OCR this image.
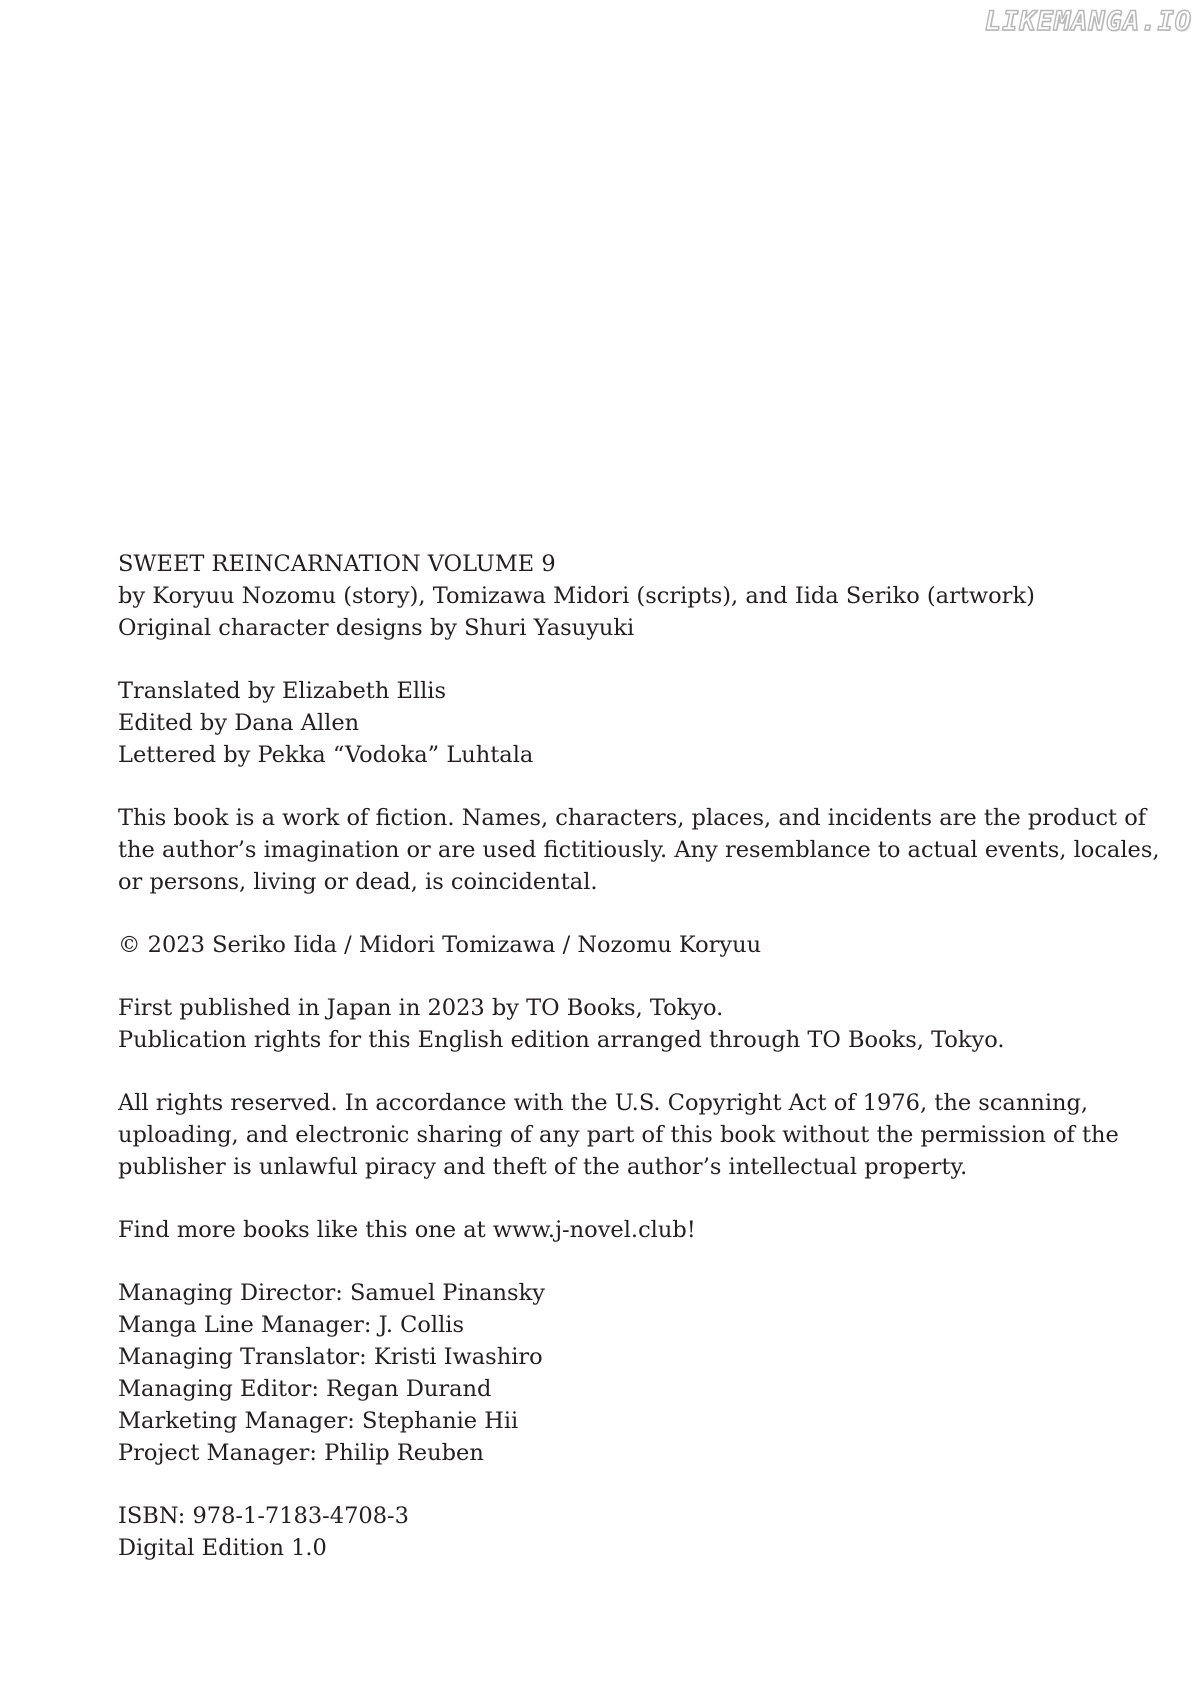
LIKEMANGA.IO
SWEET REINCARNATION VOLUME 9
by Koryuu Nozomu (story), Tomizawa Midori (scripts), and Iida Seriko (artwork)
Original character designs by Shuri Yasuyuki
Translated by Elizabeth Ellis
Edited by Dana Allen
Lettered by Pekka “Vodoka” Luhtala
This book is a work of fiction. Names, characters, places, and incidents are the product of
the author’s imagination or are used fictitiously. Any resemblance to actual events, locales,
or persons, living or dead, is coincidental.
© 2023 Seriko Iida / Midori Tomizawa / Nozomu Koryuu
First published in Japan in 2023 by TO Books, Tokyo.
Publication rights for this English edition arranged through TO Books, Tokyo.
All rights reserved. In accordance with the U.S. Copyright Act of 1976, the scanning,
uploading, and electronic sharing of any part of this book without the permission of the
publisher is unlawful piracy and theft of the author’s intellectual property.
Find more books like this one at www.j-novel.club!
Managing Director: Samuel Pinansky
Manga Line Manager: J. Collis
Managing Translator: Kristi Iwashiro
Managing Editor: Regan Durand
Marketing Manager: Stephanie Hii
Project Manager: Philip Reuben
ISBN: 978-1-7183-4708-3
Digital Edition 1.0
